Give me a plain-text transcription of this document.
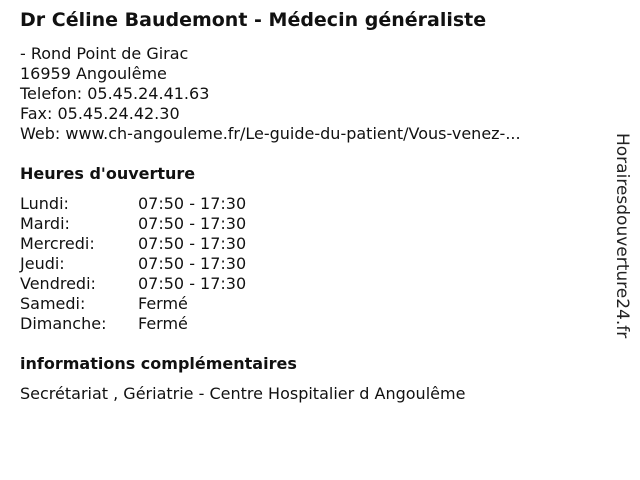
Dr Céline Baudemont - Médecin généraliste
- Rond Point de Girac
16959 Angoulême
Telefon: 05.45.24.41.63
Fax: 05.45.24.42.30
Web: www.ch-angouleme.fr/Le-guide-du-patient/Vous-venez-...
Heures d'ouverture
Lundi:	07:50 - 17:30
Mardi:	07:50 - 17:30
Mercredi:	07:50 - 17:30
Jeudi:	07:50 - 17:30
Vendredi:	07:50 - 17:30
Samedi:	Fermé
Dimanche: Fermé
informations complémentaires
Secrétariat , Gériatrie - Centre Hospitalier d Angoulême
Horairesdouverture24.fr
